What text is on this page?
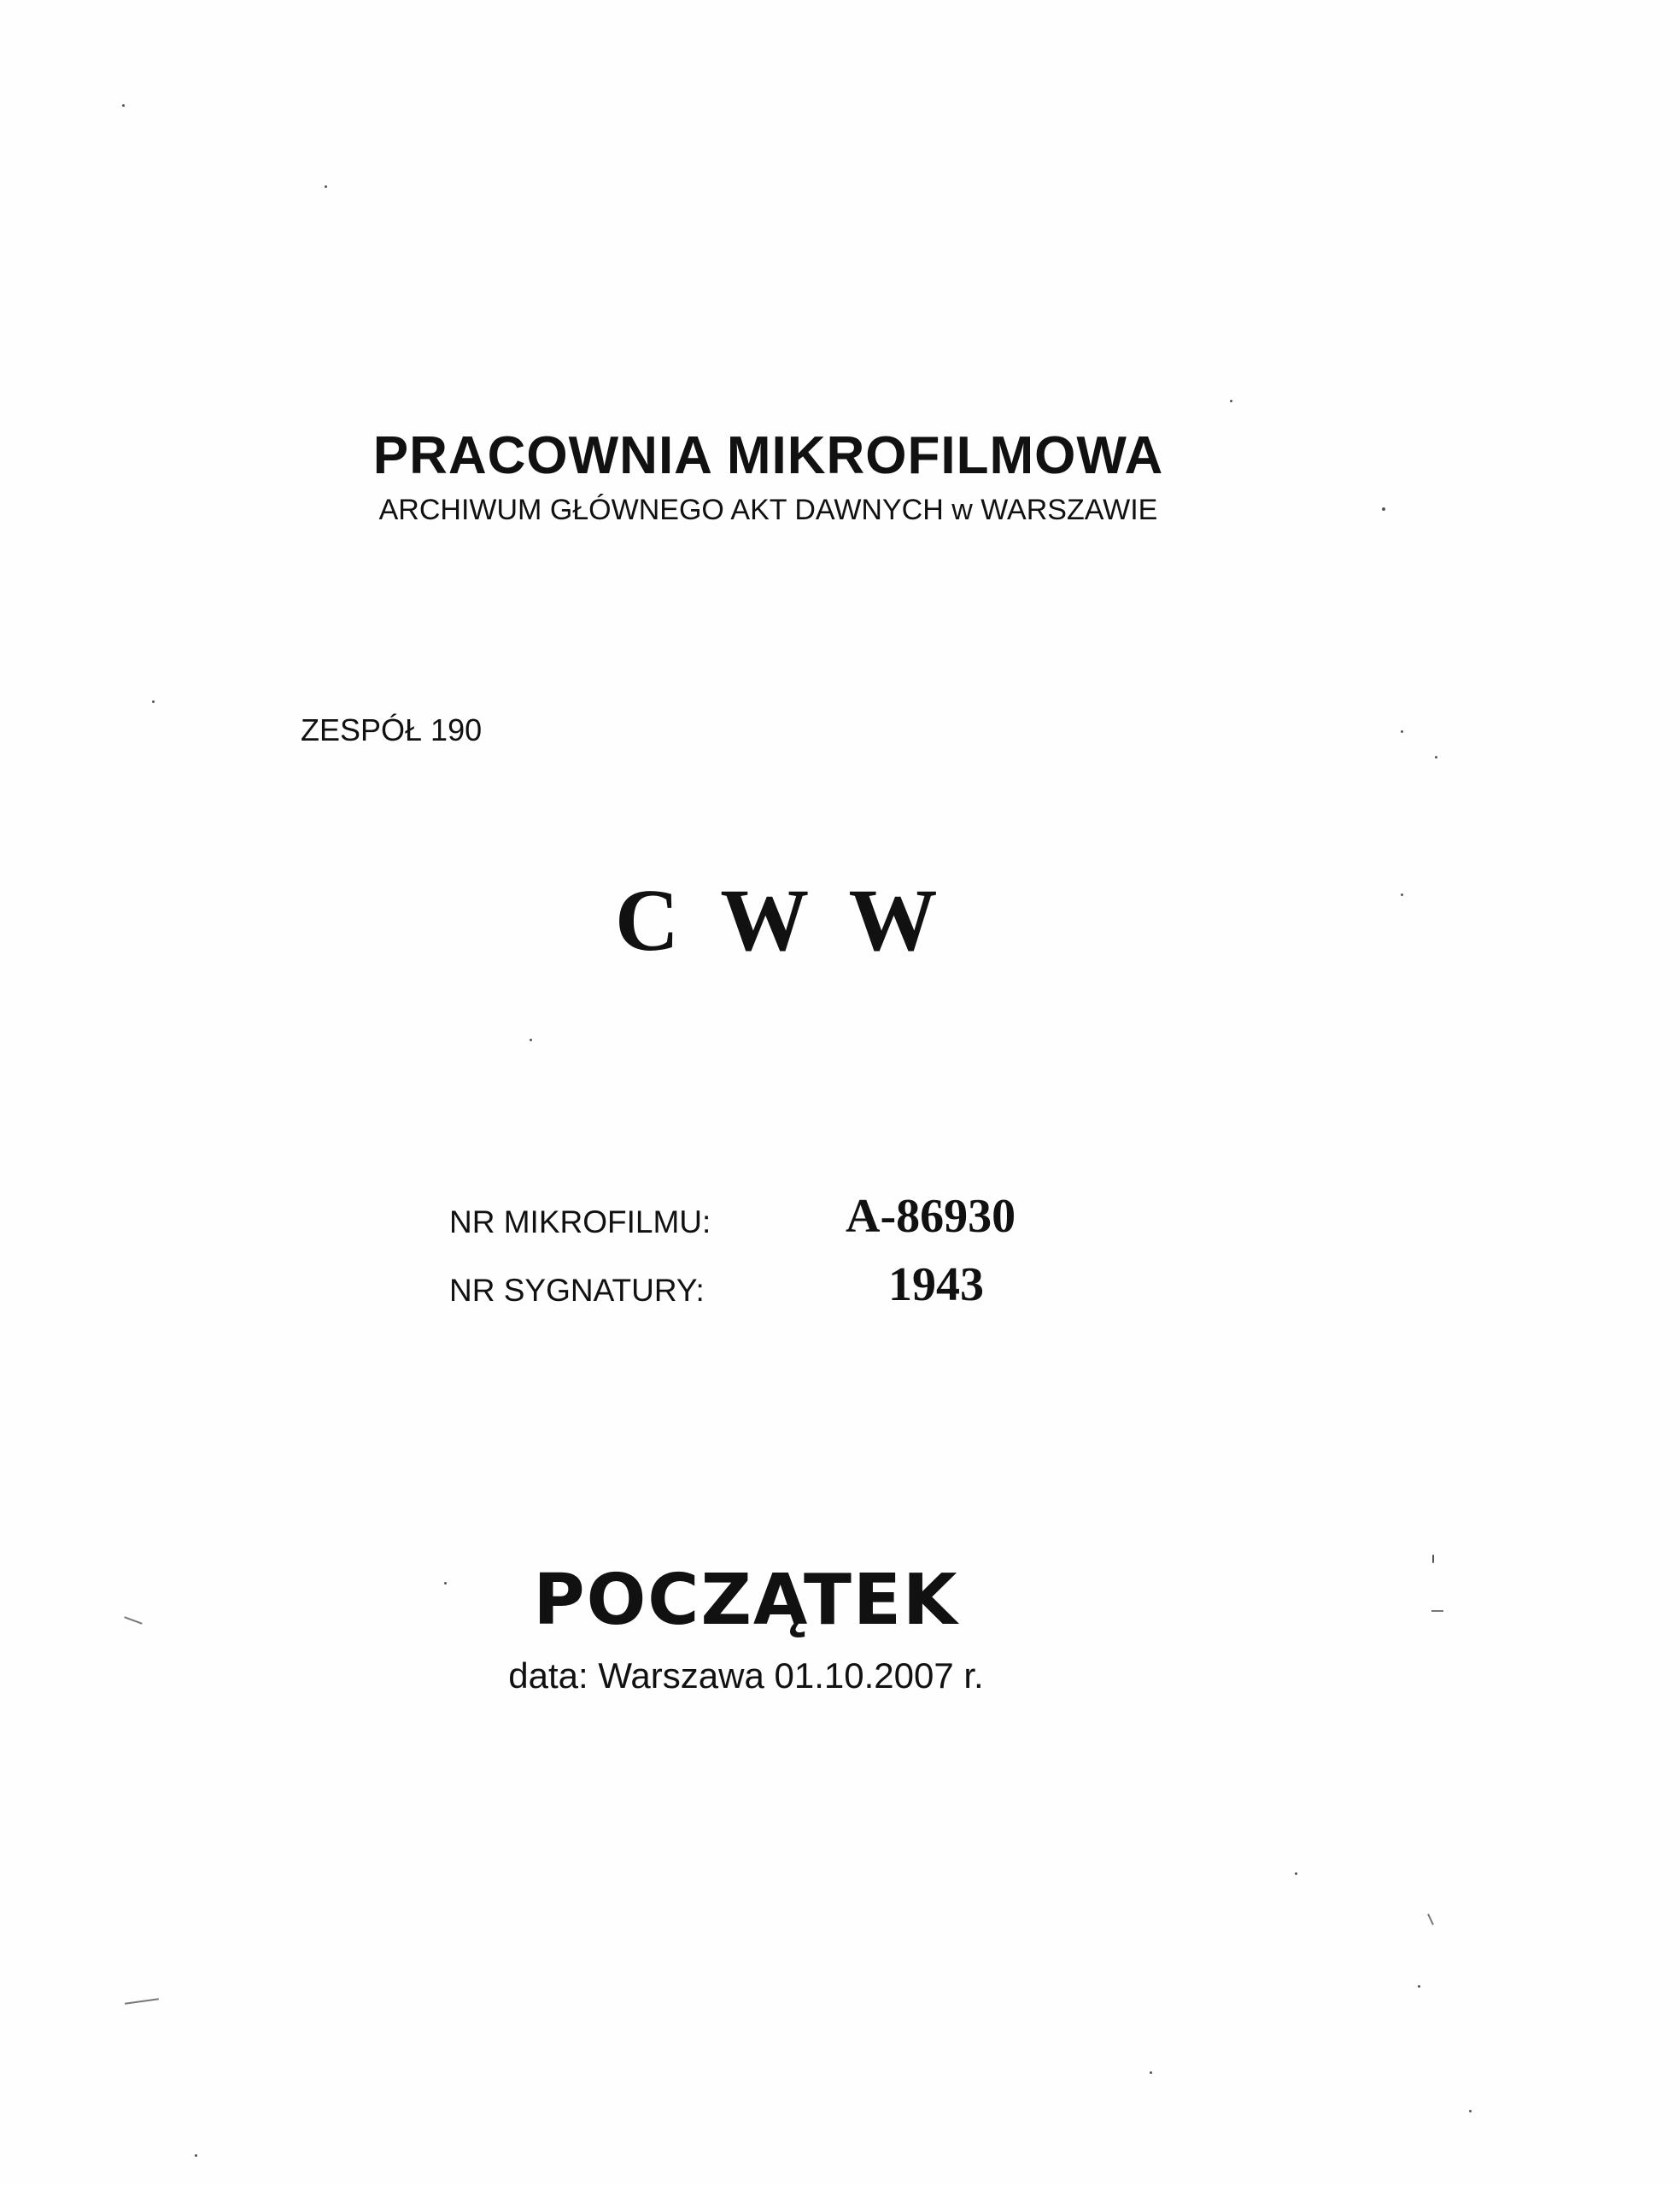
PRACOWNIA MIKROFILMOWA
ARCHIWUM GŁÓWNEGO AKT DAWNYCH w WARSZAWIE
ZESPÓŁ 190
C W W
NR MIKROFILMU:	A-86930
NR SYGNATURY:	1943
POCZĄTEK
data: Warszawa 01.10.2007 r.
